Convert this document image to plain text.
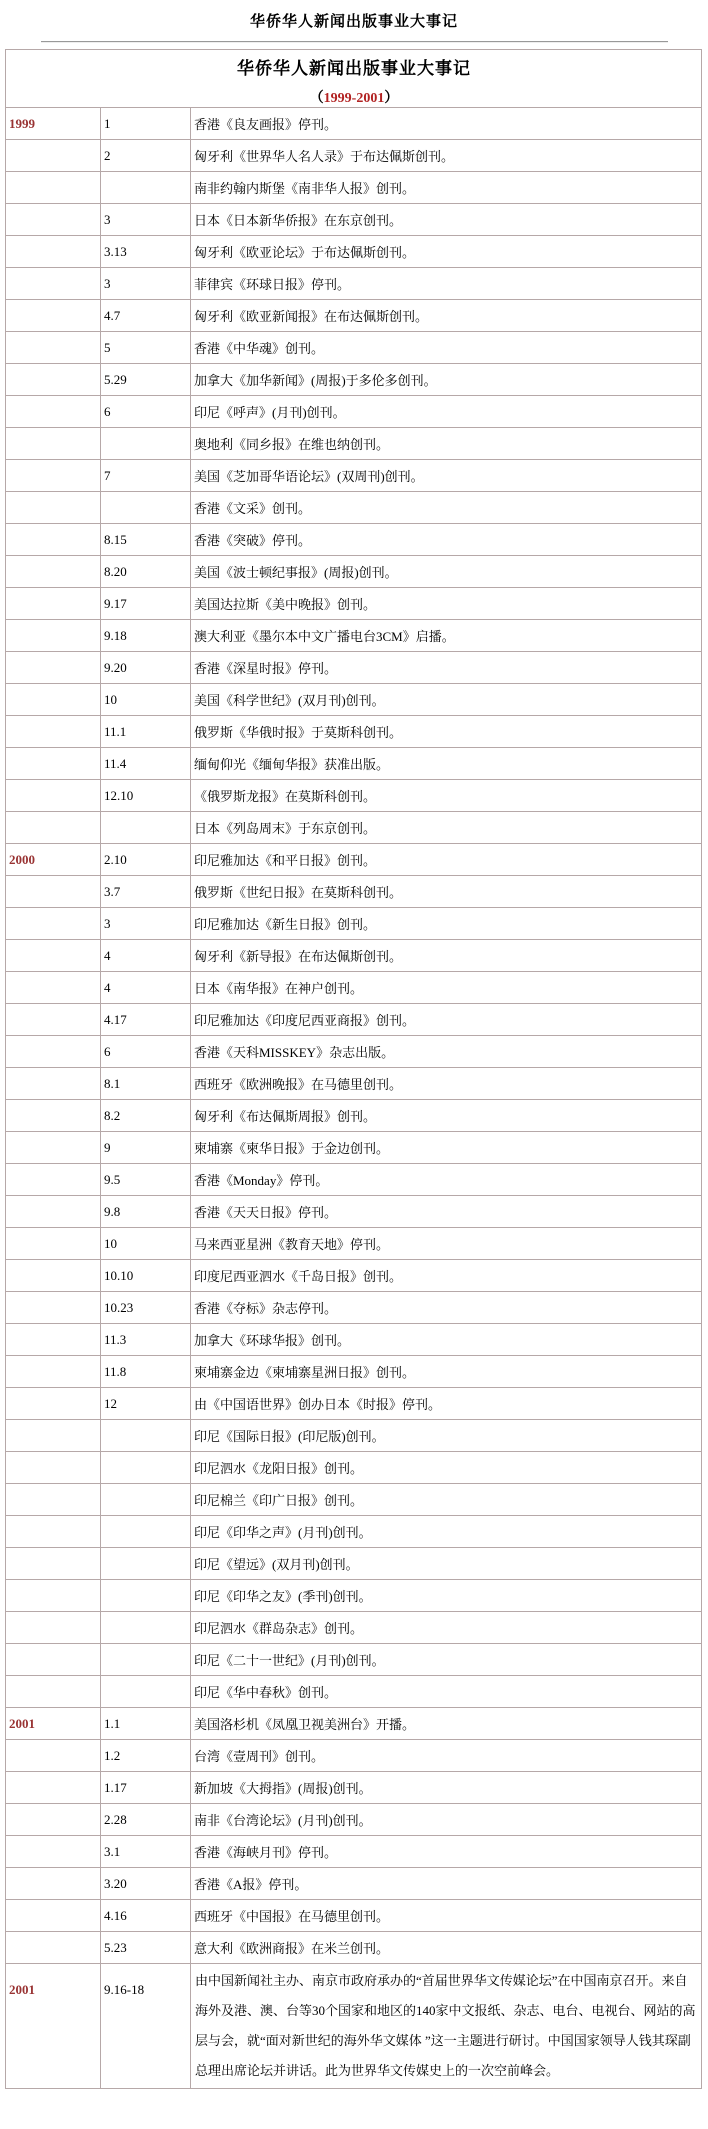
华侨华人新闻出版事业大事记
华侨华人新闻出版事业大事记
（1999-2001）		

1999	1	香港《良友画报》停刊。
	2	匈牙利《世界华人名人录》于布达佩斯创刊。
		南非约翰内斯堡《南非华人报》创刊。
	3	日本《日本新华侨报》在东京创刊。
	3.13	匈牙利《欧亚论坛》于布达佩斯创刊。
	3	菲律宾《环球日报》停刊。
	4.7	匈牙利《欧亚新闻报》在布达佩斯创刊。
	5	香港《中华魂》创刊。
	5.29	加拿大《加华新闻》(周报)于多伦多创刊。
	6	印尼《呼声》(月刊)创刊。
		奥地利《同乡报》在维也纳创刊。
	7	美国《芝加哥华语论坛》(双周刊)创刊。
		香港《文采》创刊。
	8.15	香港《突破》停刊。
	8.20	美国《波士顿纪事报》(周报)创刊。
	9.17	美国达拉斯《美中晚报》创刊。
	9.18	澳大利亚《墨尔本中文广播电台3CM》启播。
	9.20	香港《深星时报》停刊。
	10	美国《科学世纪》(双月刊)创刊。
	11.1	俄罗斯《华俄时报》于莫斯科创刊。
	11.4	缅甸仰光《缅甸华报》获准出版。
	12.10	《俄罗斯龙报》在莫斯科创刊。
		日本《列岛周末》于东京创刊。
2000	2.10	印尼雅加达《和平日报》创刊。
	3.7	俄罗斯《世纪日报》在莫斯科创刊。
	3	印尼雅加达《新生日报》创刊。
	4	匈牙利《新导报》在布达佩斯创刊。
	4	日本《南华报》在神户创刊。
	4.17	印尼雅加达《印度尼西亚商报》创刊。
	6	香港《天科MISSKEY》杂志出版。
	8.1	西班牙《欧洲晚报》在马德里创刊。
	8.2	匈牙利《布达佩斯周报》创刊。
	9	柬埔寨《柬华日报》于金边创刊。
	9.5	香港《Monday》停刊。
	9.8	香港《天天日报》停刊。
	10	马来西亚星洲《教育天地》停刊。
	10.10	印度尼西亚泗水《千岛日报》创刊。
	10.23	香港《夺标》杂志停刊。
	11.3	加拿大《环球华报》创刊。
	11.8	柬埔寨金边《柬埔寨星洲日报》创刊。
	12	由《中国语世界》创办日本《时报》停刊。
		印尼《国际日报》(印尼版)创刊。
		印尼泗水《龙阳日报》创刊。
		印尼棉兰《印广日报》创刊。
		印尼《印华之声》(月刊)创刊。
		印尼《望远》(双月刊)创刊。
		印尼《印华之友》(季刊)创刊。
		印尼泗水《群岛杂志》创刊。
		印尼《二十一世纪》(月刊)创刊。
		印尼《华中春秋》创刊。
2001	1.1	美国洛杉机《凤凰卫视美洲台》开播。
	1.2	台湾《壹周刊》创刊。
	1.17	新加坡《大拇指》(周报)创刊。
	2.28	南非《台湾论坛》(月刊)创刊。
	3.1	香港《海峡月刊》停刊。
	3.20	香港《A报》停刊。
	4.16	西班牙《中国报》在马德里创刊。
	5.23	意大利《欧洲商报》在米兰创刊。
2001	9.16-18	由中国新闻社主办、南京市政府承办的“首届世界华文传媒论坛”在中国南京召开。来自海外及港、澳、台等30个国家和地区的140家中文报纸、杂志、电台、电视台、网站的高层与会，就“面对新世纪的海外华文媒体 ”这一主题进行研讨。中国国家领导人钱其琛副总理出席论坛并讲话。此为世界华文传媒史上的一次空前峰会。
